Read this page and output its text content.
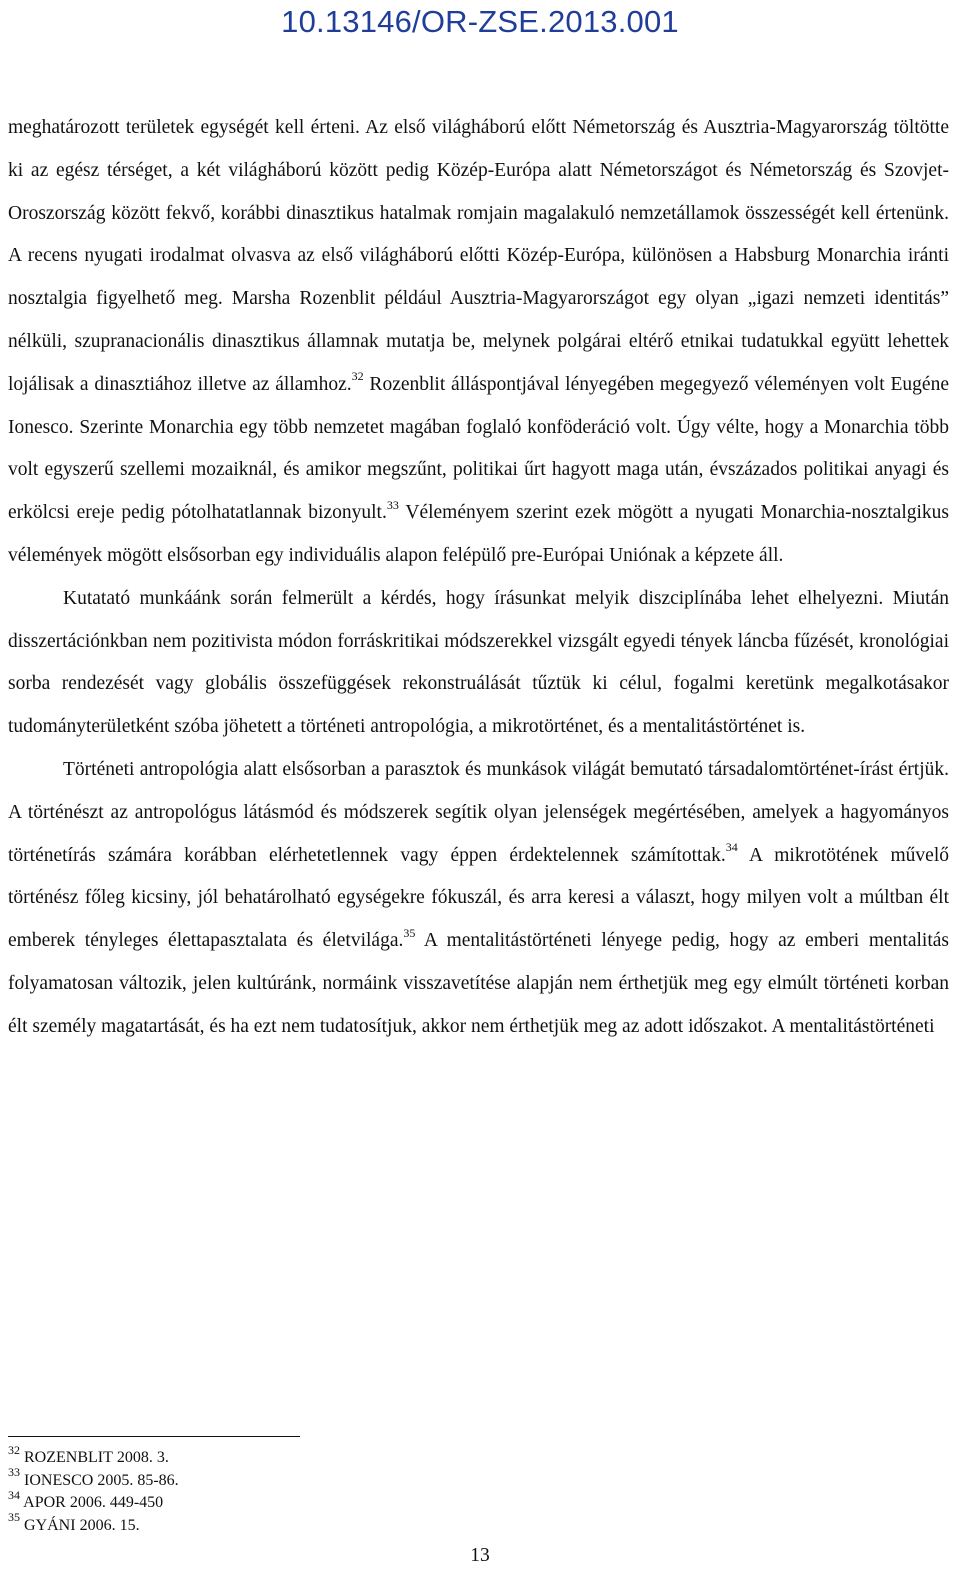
10.13146/OR-ZSE.2013.001

meghatározott területek egységét kell érteni. Az első világháború előtt Németország és Ausztria-Magyarország töltötte ki az egész térséget, a két világháború között pedig Közép-Európa alatt Németországot és Németország és Szovjet-Oroszország között fekvő, korábbi dinasztikus hatalmak romjain magalakuló nemzetállamok összességét kell értenünk. A recens nyugati irodalmat olvasva az első világháború előtti Közép-Európa, különösen a Habsburg Monarchia iránti nosztalgia figyelhető meg. Marsha Rozenblit például Ausztria-Magyarországot egy olyan „igazi nemzeti identitás” nélküli, szupranacionális dinasztikus államnak mutatja be, melynek polgárai eltérő etnikai tudatukkal együtt lehettek lojálisak a dinasztiához illetve az államhoz.$^{32}$ Rozenblit álláspontjával lényegében megegyező véleményen volt Eugéne Ionesco. Szerinte Monarchia egy több nemzetet magában foglaló konföderáció volt. Úgy vélte, hogy a Monarchia több volt egyszerű szellemi mozaiknál, és amikor megszűnt, politikai űrt hagyott maga után, évszázados politikai anyagi és erkölcsi ereje pedig pótolhatatlannak bizonyult.$^{33}$ Véleményem szerint ezek mögött a nyugati Monarchia-nosztalgikus vélemények mögött elsősorban egy individuális alapon felépülő pre-Európai Uniónak a képzete áll.

Kutatató munkáánk során felmerült a kérdés, hogy írásunkat melyik diszciplínába lehet elhelyezni. Miután disszertációnkban nem pozitivista módon forráskritikai módszerekkel vizsgált egyedi tények láncba fűzését, kronológiai sorba rendezését vagy globális összefüggések rekonstruálását tűztük ki célul, fogalmi keretünk megalkotásakor tudományterületként szóba jöhetett a történeti antropológia, a mikrotörténet, és a mentalitástörténet is.

Történeti antropológia alatt elsősorban a parasztok és munkások világát bemutató társadalomtörténet-írást értjük. A történészt az antropológus látásmód és módszerek segítik olyan jelenségek megértésében, amelyek a hagyományos történetírás számára korábban elérhetetlennek vagy éppen érdektelennek számítottak.$^{34}$ A mikrotötének művelő történész főleg kicsiny, jól behatárolható egységekre fókuszál, és arra keresi a választ, hogy milyen volt a múltban élt emberek tényleges élettapasztalata és életvilága.$^{35}$ A mentalitástörténeti lényege pedig, hogy az emberi mentalitás folyamatosan változik, jelen kultúránk, normáink visszavetítése alapján nem érthetjük meg egy elmúlt történeti korban élt személy magatartását, és ha ezt nem tudatosítjuk, akkor nem érthetjük meg az adott időszakot. A mentalitástörténeti

$^{32}$ ROZENBLIT 2008. 3.
$^{33}$ IONESCO 2005. 85-86.
$^{34}$ APOR 2006. 449-450
$^{35}$ GYÁNI 2006. 15.
13
